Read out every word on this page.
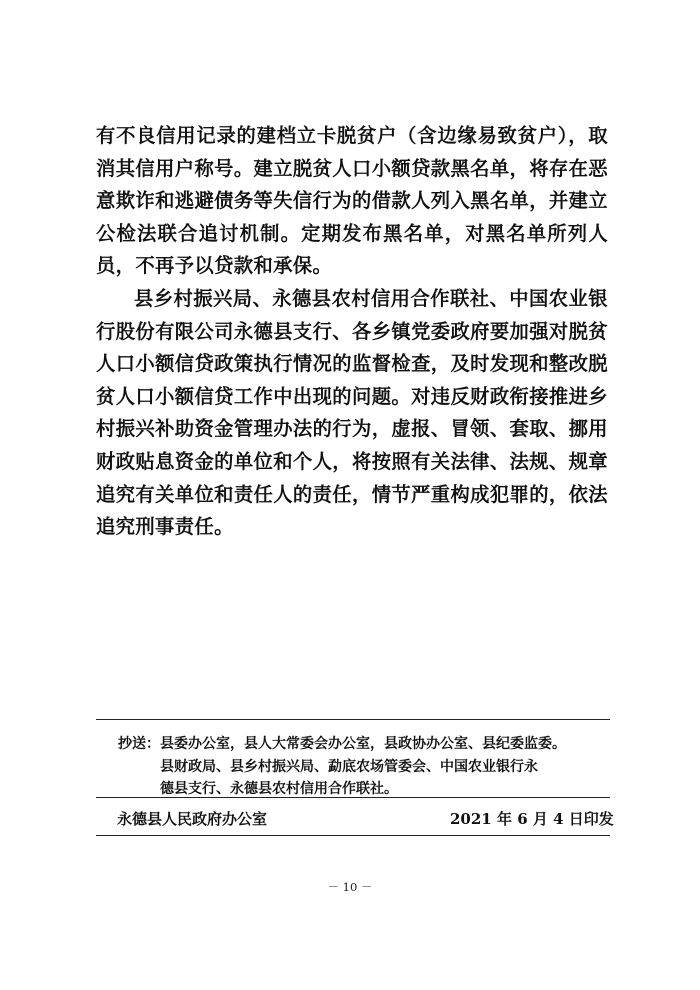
有不良信用记录的建档立卡脱贫户（含边缘易致贫户），取消其信用户称号。建立脱贫人口小额贷款黑名单，将存在恶意欺诈和逃避债务等失信行为的借款人列入黑名单，并建立公检法联合追讨机制。定期发布黑名单，对黑名单所列人员，不再予以贷款和承保。

县乡村振兴局、永德县农村信用合作联社、中国农业银行股份有限公司永德县支行、各乡镇党委政府要加强对脱贫人口小额信贷政策执行情况的监督检查，及时发现和整改脱贫人口小额信贷工作中出现的问题。对违反财政衔接推进乡村振兴补助资金管理办法的行为，虚报、冒领、套取、挪用财政贴息资金的单位和个人，将按照有关法律、法规、规章追究有关单位和责任人的责任，情节严重构成犯罪的，依法追究刑事责任。

抄送：县委办公室，县人大常委会办公室，县政协办公室、县纪委监委。
县财政局、县乡村振兴局、勐底农场管委会、中国农业银行永
德县支行、永德县农村信用合作联社。
永德县人民政府办公室	2021 年 6 月 4 日印发
－ 10 －
